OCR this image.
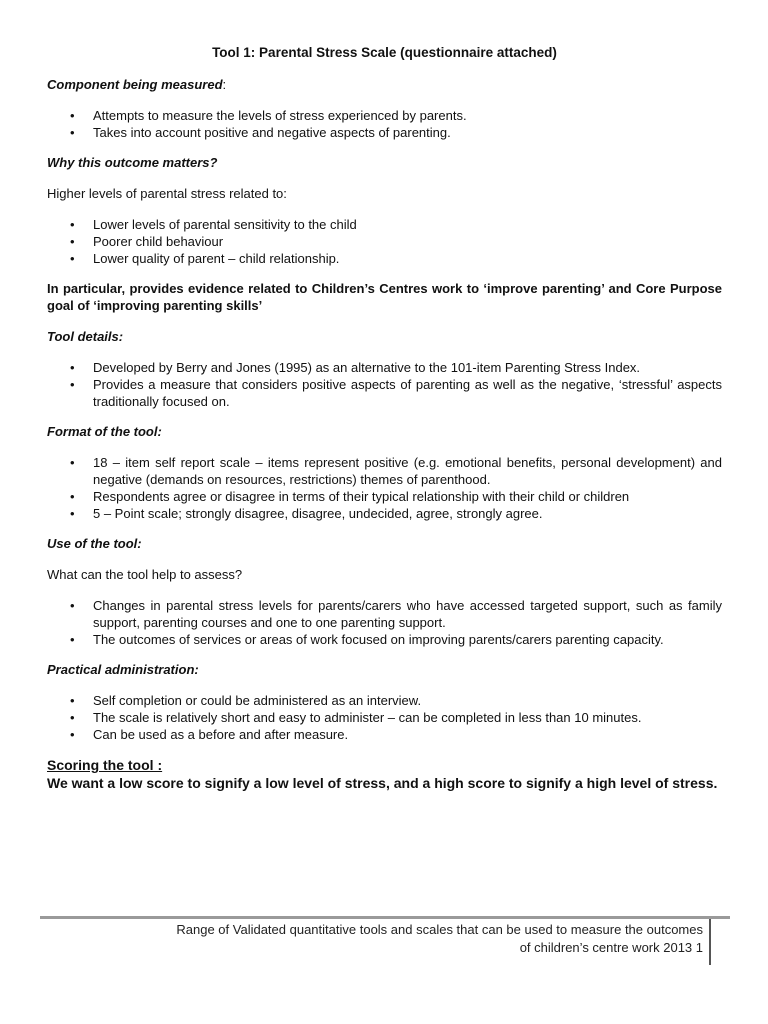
Tool 1: Parental Stress Scale (questionnaire attached)
Component being measured:
• Attempts to measure the levels of stress experienced by parents.
• Takes into account positive and negative aspects of parenting.
Why this outcome matters?
Higher levels of parental stress related to:
• Lower levels of parental sensitivity to the child
• Poorer child behaviour
• Lower quality of parent – child relationship.
In particular, provides evidence related to Children’s Centres work to ‘improve parenting’ and Core Purpose goal of ‘improving parenting skills’
Tool details:
• Developed by Berry and Jones (1995) as an alternative to the 101-item Parenting Stress Index.
• Provides a measure that considers positive aspects of parenting as well as the negative, ‘stressful’ aspects traditionally focused on.
Format of the tool:
• 18 – item self report scale – items represent positive (e.g. emotional benefits, personal development) and negative (demands on resources, restrictions) themes of parenthood.
• Respondents agree or disagree in terms of their typical relationship with their child or children
• 5 – Point scale; strongly disagree, disagree, undecided, agree, strongly agree.
Use of the tool:
What can the tool help to assess?
• Changes in parental stress levels for parents/carers who have accessed targeted support, such as family support, parenting courses and one to one parenting support.
• The outcomes of services or areas of work focused on improving parents/carers parenting capacity.
Practical administration:
• Self completion or could be administered as an interview.
• The scale is relatively short and easy to administer – can be completed in less than 10 minutes.
• Can be used as a before and after measure.
Scoring the tool :
We want a low score to signify a low level of stress, and a high score to signify a high level of stress.
Range of Validated quantitative tools and scales that can be used to measure the outcomes
of children’s centre work 2013 1
